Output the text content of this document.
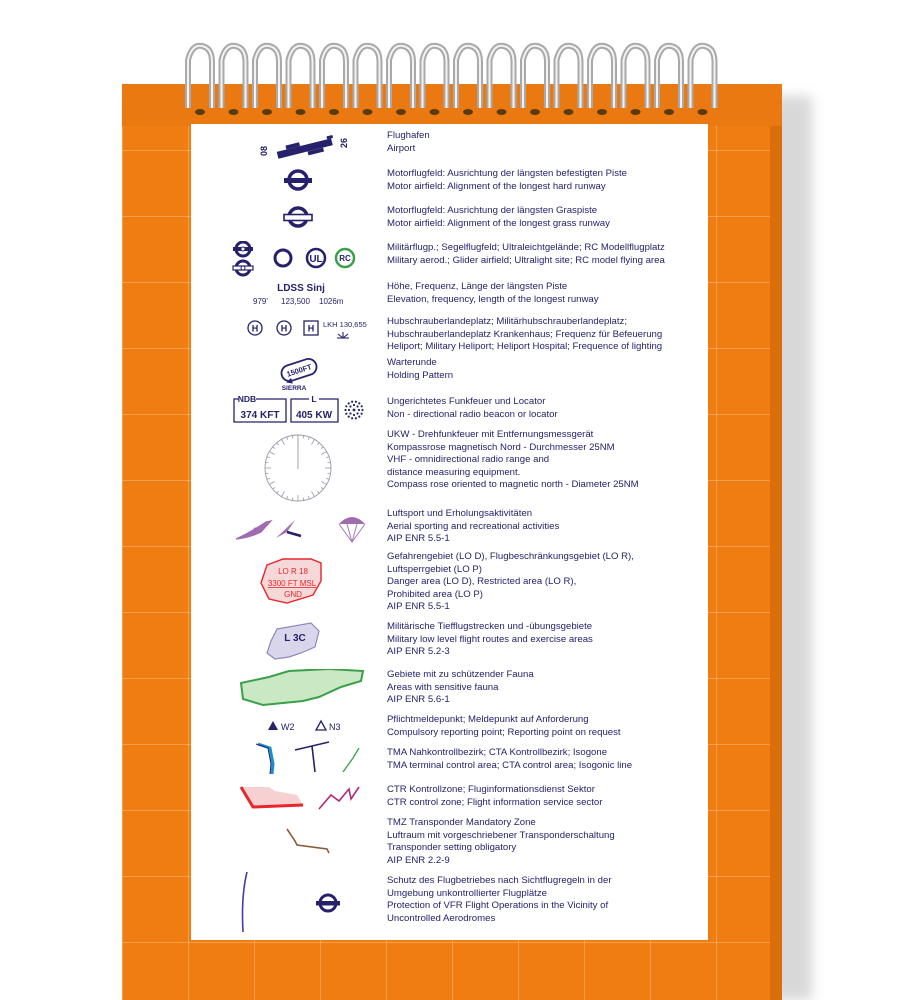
08
26
Flughafen
Airport
Motorflugfeld: Ausrichtung der längsten befestigten Piste
Motor airfield: Alignment of the longest hard runway
Motorflugfeld: Ausrichtung der längsten Graspiste
Motor airfield: Alignment of the longest grass runway
UL RC
Militärflugp.; Segelflugfeld; Ultraleichtgelände; RC Modellflugplatz
Military aerod.; Glider airfield; Ultralight site; RC model flying area
LDSS Sinj
979' 123,500 1026m
Höhe, Frequenz, Länge der längsten Piste
Elevation, frequency, length of the longest runway
H	H H LKH 130,655 Hubschrauberlandeplatz; Militärhubschrauberlandeplatz;
Hubschrauberlandeplatz Krankenhaus; Frequenz für Befeuerung
Heliport; Military Heliport; Heliport Hospital; Frequence of lighting
1500FT
SIERRA
Warterunde
Holding Pattern
NDB
374 KFT
L
405 KW
Ungerichtetes Funkfeuer und Locator
Non - directional radio beacon or locator
UKW - Drehfunkfeuer mit Entfernungsmessgerät
Kompassrose magnetisch Nord - Durchmesser 25NM
VHF - omnidirectional radio range and
distance measuring equipment.
Compass rose oriented to magnetic north - Diameter 25NM
Luftsport und Erholungsaktivitäten
Aerial sporting and recreational activities
AIP ENR 5.5-1
LO R 18
3300 FT MSL
GND
Gefahrengebiet (LO D), Flugbeschränkungsgebiet (LO R),
Luftsperrgebiet (LO P)
Danger area (LO D), Restricted area (LO R),
Prohibited area (LO P)
AIP ENR 5.5-1
L 3C
Militärische Tiefflugstrecken und -übungsgebiete
Military low level flight routes and exercise areas
AIP ENR 5.2-3
Gebiete mit zu schützender Fauna
Areas with sensitive fauna
AIP ENR 5.6-1
W2	N3
Pflichtmeldepunkt; Meldepunkt auf Anforderung
Compulsory reporting point; Reporting point on request
TMA Nahkontrollbezirk; CTA Kontrollbezirk; Isogone
TMA terminal control area; CTA control area; Isogonic line
CTR Kontrollzone; Fluginformationsdienst Sektor
CTR control zone; Flight information service sector
TMZ Transponder Mandatory Zone
Luftraum mit vorgeschriebener Transponderschaltung
Transponder setting obligatory
AIP ENR 2.2-9
Schutz des Flugbetriebes nach Sichtflugregeln in der
Umgebung unkontrollierter Flugplätze
Protection of VFR Flight Operations in the Vicinity of
Uncontrolled Aerodromes
